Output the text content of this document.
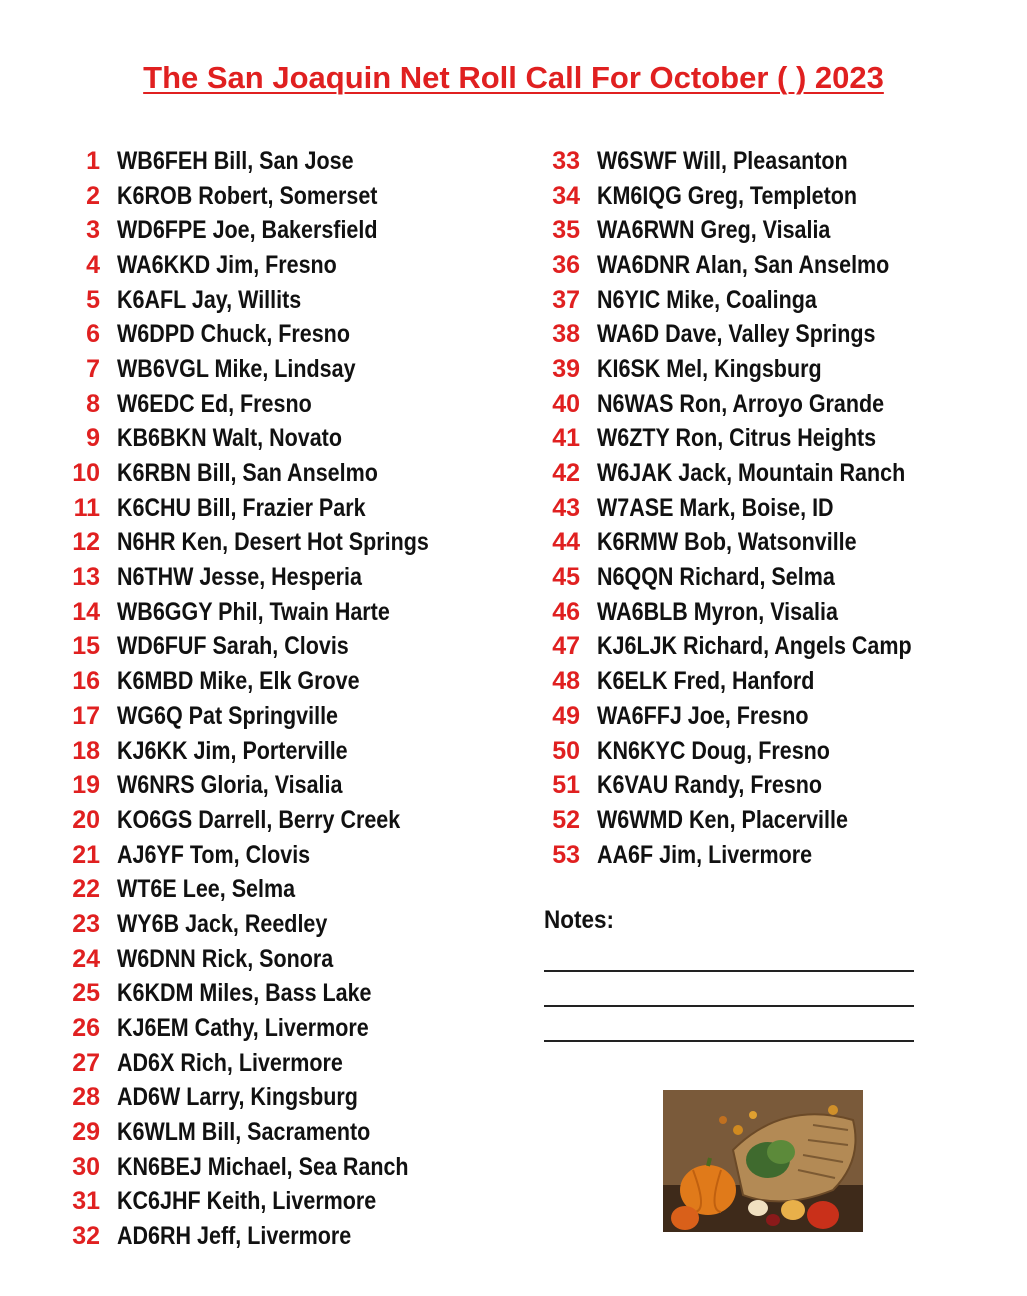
The San Joaquin Net Roll Call For October ( ) 2023
1 WB6FEH Bill, San Jose
2 K6ROB Robert, Somerset
3 WD6FPE Joe, Bakersfield
4 WA6KKD Jim, Fresno
5 K6AFL Jay, Willits
6 W6DPD Chuck, Fresno
7 WB6VGL Mike, Lindsay
8 W6EDC Ed, Fresno
9 KB6BKN Walt, Novato
10 K6RBN Bill, San Anselmo
11 K6CHU Bill, Frazier Park
12 N6HR Ken, Desert Hot Springs
13 N6THW Jesse, Hesperia
14 WB6GGY Phil, Twain Harte
15 WD6FUF Sarah, Clovis
16 K6MBD Mike, Elk Grove
17 WG6Q Pat Springville
18 KJ6KK Jim, Porterville
19 W6NRS Gloria, Visalia
20 KO6GS Darrell, Berry Creek
21 AJ6YF Tom, Clovis
22 WT6E Lee, Selma
23 WY6B Jack, Reedley
24 W6DNN Rick, Sonora
25 K6KDM Miles, Bass Lake
26 KJ6EM Cathy, Livermore
27 AD6X Rich, Livermore
28 AD6W Larry, Kingsburg
29 K6WLM Bill, Sacramento
30 KN6BEJ Michael, Sea Ranch
31 KC6JHF Keith, Livermore
32 AD6RH Jeff, Livermore
33 W6SWF Will, Pleasanton
34 KM6IQG Greg, Templeton
35 WA6RWN Greg, Visalia
36 WA6DNR Alan, San Anselmo
37 N6YIC Mike, Coalinga
38 WA6D Dave, Valley Springs
39 KI6SK Mel, Kingsburg
40 N6WAS Ron, Arroyo Grande
41 W6ZTY Ron, Citrus Heights
42 W6JAK Jack, Mountain Ranch
43 W7ASE Mark, Boise, ID
44 K6RMW Bob, Watsonville
45 N6QQN Richard, Selma
46 WA6BLB Myron, Visalia
47 KJ6LJK Richard, Angels Camp
48 K6ELK Fred, Hanford
49 WA6FFJ Joe, Fresno
50 KN6KYC Doug, Fresno
51 K6VAU Randy, Fresno
52 W6WMD Ken, Placerville
53 AA6F Jim, Livermore
Notes:
